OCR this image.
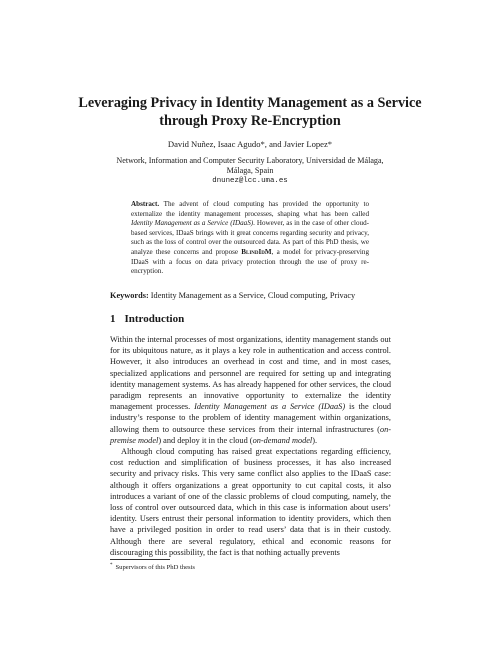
Leveraging Privacy in Identity Management as a Service through Proxy Re-Encryption
David Nuñez, Isaac Agudo*, and Javier Lopez*
Network, Information and Computer Security Laboratory, Universidad de Málaga,
Málaga, Spain
dnunez@lcc.uma.es
Abstract. The advent of cloud computing has provided the opportunity to externalize the identity management processes, shaping what has been called Identity Management as a Service (IDaaS). However, as in the case of other cloud-based services, IDaaS brings with it great concerns regarding security and privacy, such as the loss of control over the outsourced data. As part of this PhD thesis, we analyze these concerns and propose BlindIdM, a model for privacy-preserving IDaaS with a focus on data privacy protection through the use of proxy re-encryption.
Keywords: Identity Management as a Service, Cloud computing, Privacy
1 Introduction

Within the internal processes of most organizations, identity management stands out for its ubiquitous nature, as it plays a key role in authentication and access control. However, it also introduces an overhead in cost and time, and in most cases, specialized applications and personnel are required for setting up and integrating identity management systems. As has already happened for other services, the cloud paradigm represents an innovative opportunity to externalize the identity management processes. Identity Management as a Service (IDaaS) is the cloud industry’s response to the problem of identity management within organizations, allowing them to outsource these services from their internal infrastructures (on-premise model) and deploy it in the cloud (on-demand model).

Although cloud computing has raised great expectations regarding efficiency, cost reduction and simplification of business processes, it has also increased security and privacy risks. This very same conflict also applies to the IDaaS case: although it offers organizations a great opportunity to cut capital costs, it also introduces a variant of one of the classic problems of cloud computing, namely, the loss of control over outsourced data, which in this case is information about users’ identity. Users entrust their personal information to identity providers, which then have a privileged position in order to read users’ data that is in their custody. Although there are several regulatory, ethical and economic reasons for discouraging this possibility, the fact is that nothing actually prevents

* Supervisors of this PhD thesis
